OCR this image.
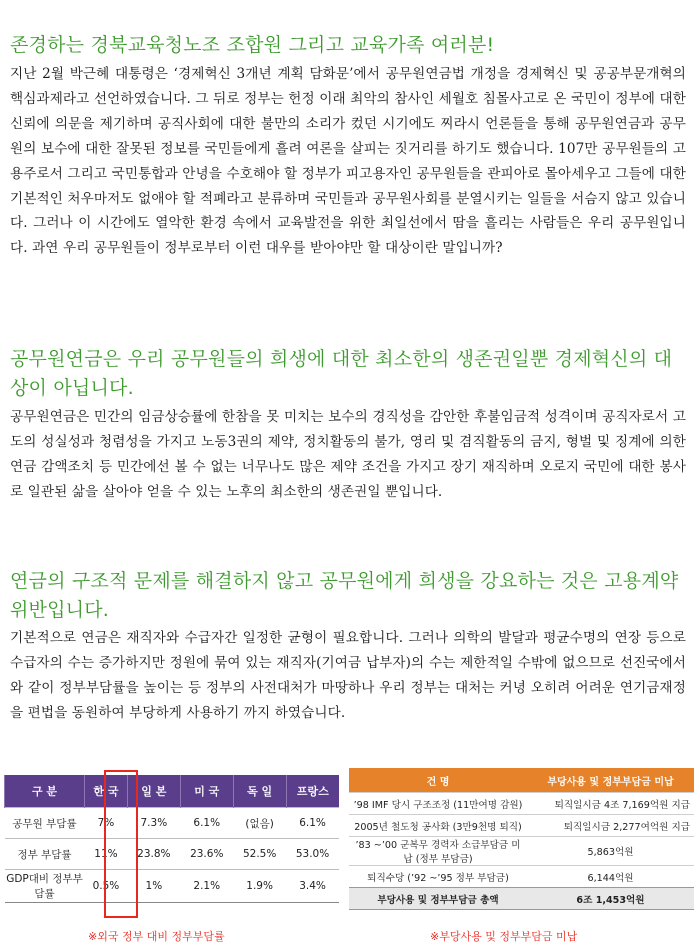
존경하는 경북교육청노조 조합원 그리고 교육가족 여러분!

지난 2월 박근혜 대통령은 ‘경제혁신 3개년 계획 담화문’에서 공무원연금법 개정을 경제혁신 및 공공부문개혁의 핵심과제라고 선언하였습니다. 그 뒤로 정부는 헌정 이래 최악의 참사인 세월호 침몰사고로 온 국민이 정부에 대한 신뢰에 의문을 제기하며 공직사회에 대한 불만의 소리가 컸던 시기에도 찌라시 언론들을 통해 공무원연금과 공무원의 보수에 대한 잘못된 정보를 국민들에게 흘려 여론을 살피는 짓거리를 하기도 했습니다. 107만 공무원들의 고용주로서 그리고 국민통합과 안녕을 수호해야 할 정부가 피고용자인 공무원들을 관피아로 몰아세우고 그들에 대한 기본적인 처우마저도 없애야 할 적폐라고 분류하며 국민들과 공무원사회를 분열시키는 일들을 서슴지 않고 있습니다. 그러나 이 시간에도 열악한 환경 속에서 교육발전을 위한 최일선에서 땀을 흘리는 사람들은 우리 공무원입니다. 과연 우리 공무원들이 정부로부터 이런 대우를 받아야만 할 대상이란 말입니까?

공무원연금은 우리 공무원들의 희생에 대한 최소한의 생존권일뿐 경제혁신의 대상이 아닙니다.

공무원연금은 민간의 임금상승률에 한참을 못 미치는 보수의 경직성을 감안한 후불임금적 성격이며 공직자로서 고도의 성실성과 청렴성을 가지고 노동3권의 제약, 정치활동의 불가, 영리 및 겸직활동의 금지, 형벌 및 징계에 의한 연금 감액조치 등 민간에선 볼 수 없는 너무나도 많은 제약 조건을 가지고 장기 재직하며 오로지 국민에 대한 봉사로 일관된 삶을 살아야 얻을 수 있는 노후의 최소한의 생존권일 뿐입니다.

연금의 구조적 문제를 해결하지 않고 공무원에게 희생을 강요하는 것은 고용계약 위반입니다.

기본적으로 연금은 재직자와 수급자간 일정한 균형이 필요합니다. 그러나 의학의 발달과 평균수명의 연장 등으로 수급자의 수는 증가하지만 정원에 묶여 있는 재직자(기여금 납부자)의 수는 제한적일 수밖에 없으므로 선진국에서와 같이 정부부담률을 높이는 등 정부의 사전대처가 마땅하나 우리 정부는 대처는 커녕 오히려 어려운 연기금재정을 편법을 동원하여 부당하게 사용하기 까지 하였습니다.

구 분	한 국	일 본	미 국	독 일	프랑스
공무원 부담률	7%	7.3%	6.1%	(없음)	6.1%
정부 부담률	11%	23.8%	23.6%	52.5%	53.0%
GDP대비 정부부담률	0.5%	1%	2.1%	1.9%	3.4%

※외국 정부 대비 정부부담률

건 명	부당사용 및 정부부담금 미납
’98 IMF 당시 구조조정 (11만여명 감원)	퇴직일시금 4조 7,169억원 지급
2005년 철도청 공사화 (3만9천명 퇴직)	퇴직일시금 2,277여억원 지급
’83 ~’00 군복무 경력자 소급부담금 미납 (정부 부담금)	5,863억원
퇴직수당 (’92 ~’95 정부 부담금)	6,144억원
부당사용 및 정부부담금 총액	6조 1,453억원

※부당사용 및 정부부담금 미납
